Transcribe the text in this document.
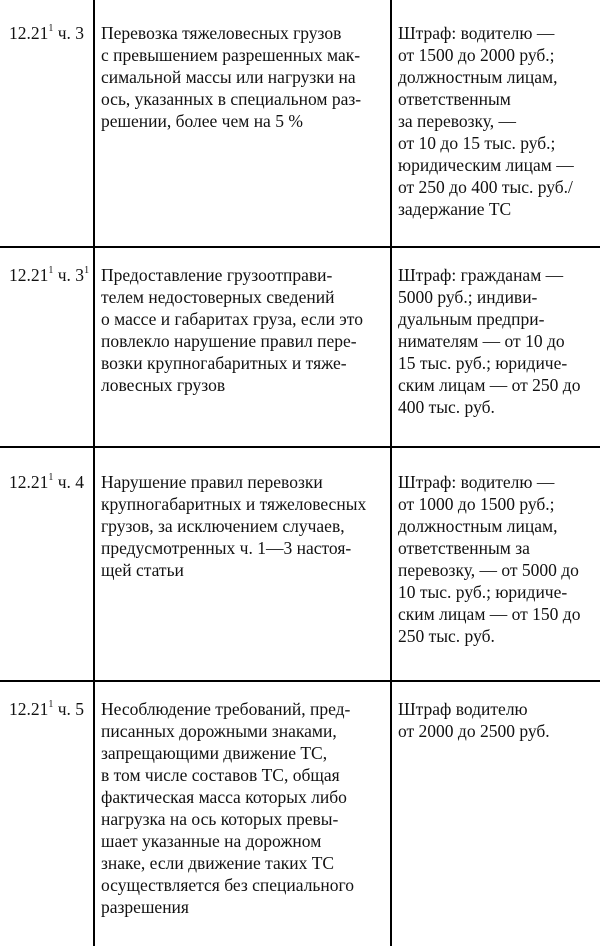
12.21$^1$ ч. 3 Перевозка тяжеловесных грузов
с превышением разрешенных мак-
симальной массы или нагрузки на
ось, указанных в специальном раз-
решении, более чем на 5 %
Штраф: водителю —
от 1500 до 2000 руб.;
должностным лицам,
ответственным
за перевозку, —
от 10 до 15 тыс. руб.;
юридическим лицам —
от 250 до 400 тыс. руб./
задержание ТС
12.21$^1$ ч. $3^1$ Предоставление грузоотправи-
телем недостоверных сведений
о массе и габаритах груза, если это
повлекло нарушение правил пере-
возки крупногабаритных и тяже-
ловесных грузов
Штраф: гражданам —
5000 руб.; индиви-
дуальным предпри-
нимателям — от 10 до
15 тыс. руб.; юридиче-
ским лицам — от 250 до
400 тыс. руб.
12.21$^1$ ч. 4 Нарушение правил перевозки
крупногабаритных и тяжеловесных
грузов, за исключением случаев,
предусмотренных ч. 1—3 настоя-
щей статьи
Штраф: водителю —
от 1000 до 1500 руб.;
должностным лицам,
ответственным за
перевозку, — от 5000 до
10 тыс. руб.; юридиче-
ским лицам — от 150 до
250 тыс. руб.
12.21$^1$ ч. 5 Несоблюдение требований, пред-
писанных дорожными знаками,
запрещающими движение ТС,
в том числе составов ТС, общая
фактическая масса которых либо
нагрузка на ось которых превы-
шает указанные на дорожном
знаке, если движение таких ТС
осуществляется без специального
разрешения
Штраф водителю
от 2000 до 2500 руб.
